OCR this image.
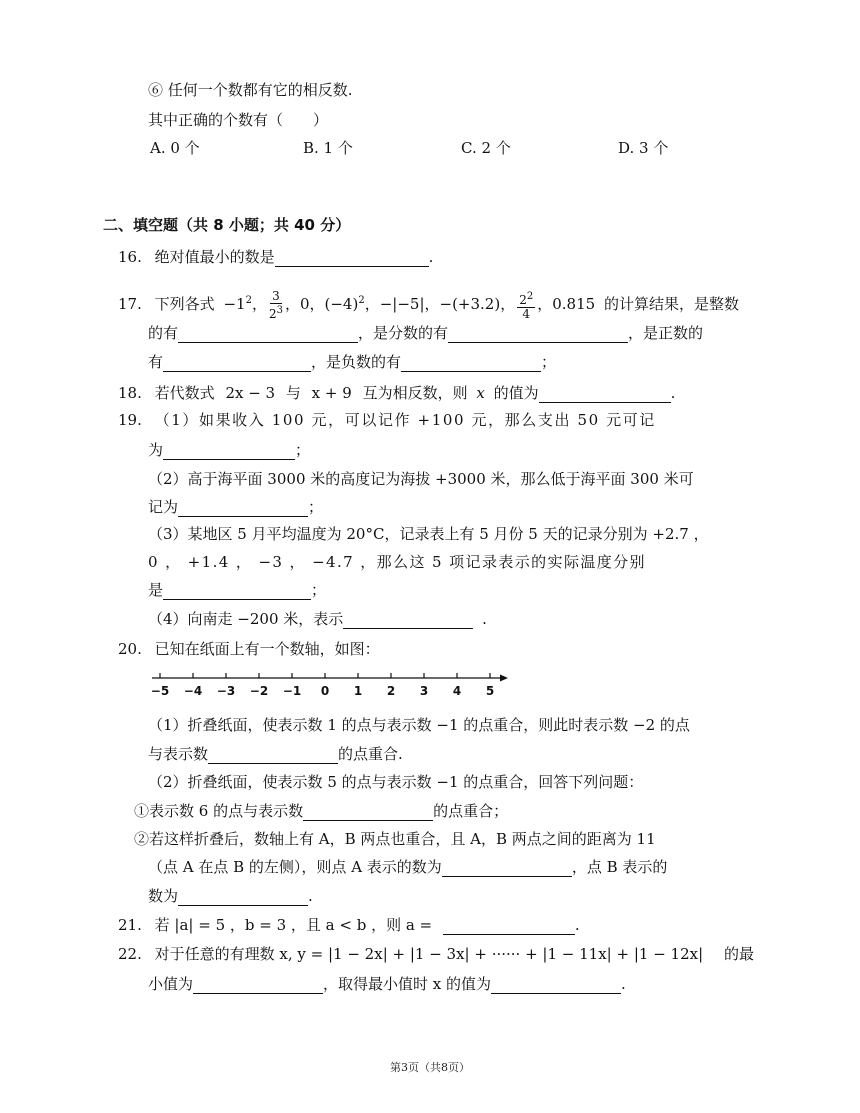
⑥ 任何一个数都有它的相反数.
其中正确的个数有（　　）
A. 0 个	B. 1 个	C. 2 个	D. 3 个
二、填空题（共 8 小题；共 40 分）
16. 绝对值最小的数是	.
17. 下列各式 $-1^2$， $\frac{3}{2^3}$ ，0，$(-4)^2$，−|−5|，−(+3.2)， $\frac{2^2}{4}$ ，0.815 的计算结果，是整数
的有	，是分数的有	，是正数的
有	，是负数的有	；
18. 若代数式 2x − 3 与 x + 9 互为相反数，则 x 的值为	.
19. （1）如果收入 100 元，可以记作 +100 元，那么支出 50 元可记
为	；
（2）高于海平面 3000 米的高度记为海拔 +3000 米，那么低于海平面 300 米可
记为	；
（3）某地区 5 月平均温度为 20°C，记录表上有 5 月份 5 天的记录分别为 +2.7 ，
0 ， +1.4 ， −3 ， −4.7 ，那么这 5 项记录表示的实际温度分别
是	；
（4）向南走 −200 米，表示	.
20. 已知在纸面上有一个数轴，如图：
−5 −4 −3 −2 −1	0	1	2	3	4	5
（1）折叠纸面，使表示数 1 的点与表示数 −1 的点重合，则此时表示数 −2 的点
与表示数	的点重合.
（2）折叠纸面，使表示数 5 的点与表示数 −1 的点重合，回答下列问题：
①表示数 6 的点与表示数	的点重合；
②若这样折叠后，数轴上有 A，B 两点也重合，且 A，B 两点之间的距离为 11
（点 A 在点 B 的左侧），则点 A 表示的数为	，点 B 表示的
数为	.
21. 若 |a| = 5 ，b = 3 ，且 a < b ，则 a =	.
22. 对于任意的有理数 x, y = |1 − 2x| + |1 − 3x| + ······ + |1 − 11x| + |1 − 12x| 的最
小值为	，取得最小值时 x 的值为	.
第3页（共8页）
